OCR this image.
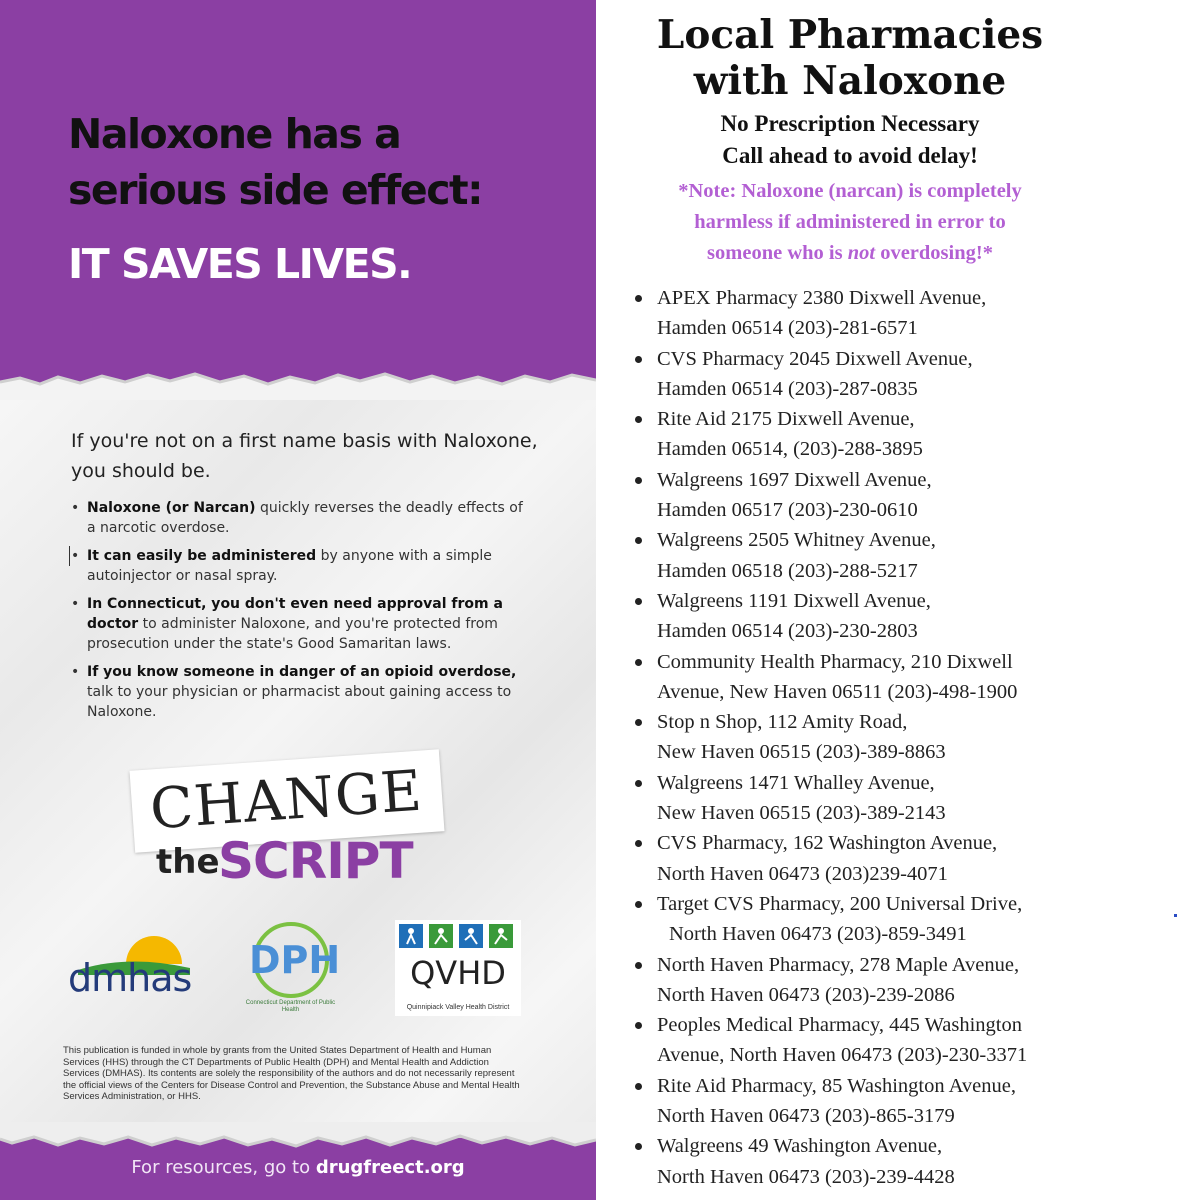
Naloxone has a
serious side effect:
IT SAVES LIVES.

If you're not on a first name basis with Naloxone, you should be.

• Naloxone (or Narcan) quickly reverses the deadly effects of a narcotic overdose.
• It can easily be administered by anyone with a simple autoinjector or nasal spray.
• In Connecticut, you don't even need approval from a doctor to administer Naloxone, and you're protected from prosecution under the state's Good Samaritan laws.
• If you know someone in danger of an opioid overdose, talk to your physician or pharmacist about gaining access to Naloxone.
CHANGE
the
SCRIPT
dmhas DPH
Connecticut Department of Public Health
QVHD
Quinnipiack Valley Health District

This publication is funded in whole by grants from the United States Department of Health and Human Services (HHS) through the CT Departments of Public Health (DPH) and Mental Health and Addiction Services (DMHAS). Its contents are solely the responsibility of the authors and do not necessarily represent the official views of the Centers for Disease Control and Prevention, the Substance Abuse and Mental Health Services Administration, or HHS.

For resources, go to drugfreect.org
Local Pharmacies
with Naloxone
No Prescription Necessary
Call ahead to avoid delay!
*Note: Naloxone (narcan) is completely
harmless if administered in error to
someone who is not overdosing!*
APEX Pharmacy 2380 Dixwell Avenue,
Hamden 06514 (203)-281-6571
CVS Pharmacy 2045 Dixwell Avenue,
Hamden 06514 (203)-287-0835
Rite Aid 2175 Dixwell Avenue,
Hamden 06514, (203)-288-3895
Walgreens 1697 Dixwell Avenue,
Hamden 06517 (203)-230-0610
Walgreens 2505 Whitney Avenue,
Hamden 06518 (203)-288-5217
Walgreens 1191 Dixwell Avenue,
Hamden 06514 (203)-230-2803
Community Health Pharmacy, 210 Dixwell
Avenue, New Haven 06511 (203)-498-1900
Stop n Shop, 112 Amity Road,
New Haven 06515 (203)-389-8863
Walgreens 1471 Whalley Avenue,
New Haven 06515 (203)-389-2143
CVS Pharmacy, 162 Washington Avenue,
North Haven 06473 (203)239-4071
Target CVS Pharmacy, 200 Universal Drive,
North Haven 06473 (203)-859-3491
North Haven Pharmacy, 278 Maple Avenue,
North Haven 06473 (203)-239-2086
Peoples Medical Pharmacy, 445 Washington
Avenue, North Haven 06473 (203)-230-3371
Rite Aid Pharmacy, 85 Washington Avenue,
North Haven 06473 (203)-865-3179
Walgreens 49 Washington Avenue,
North Haven 06473 (203)-239-4428
